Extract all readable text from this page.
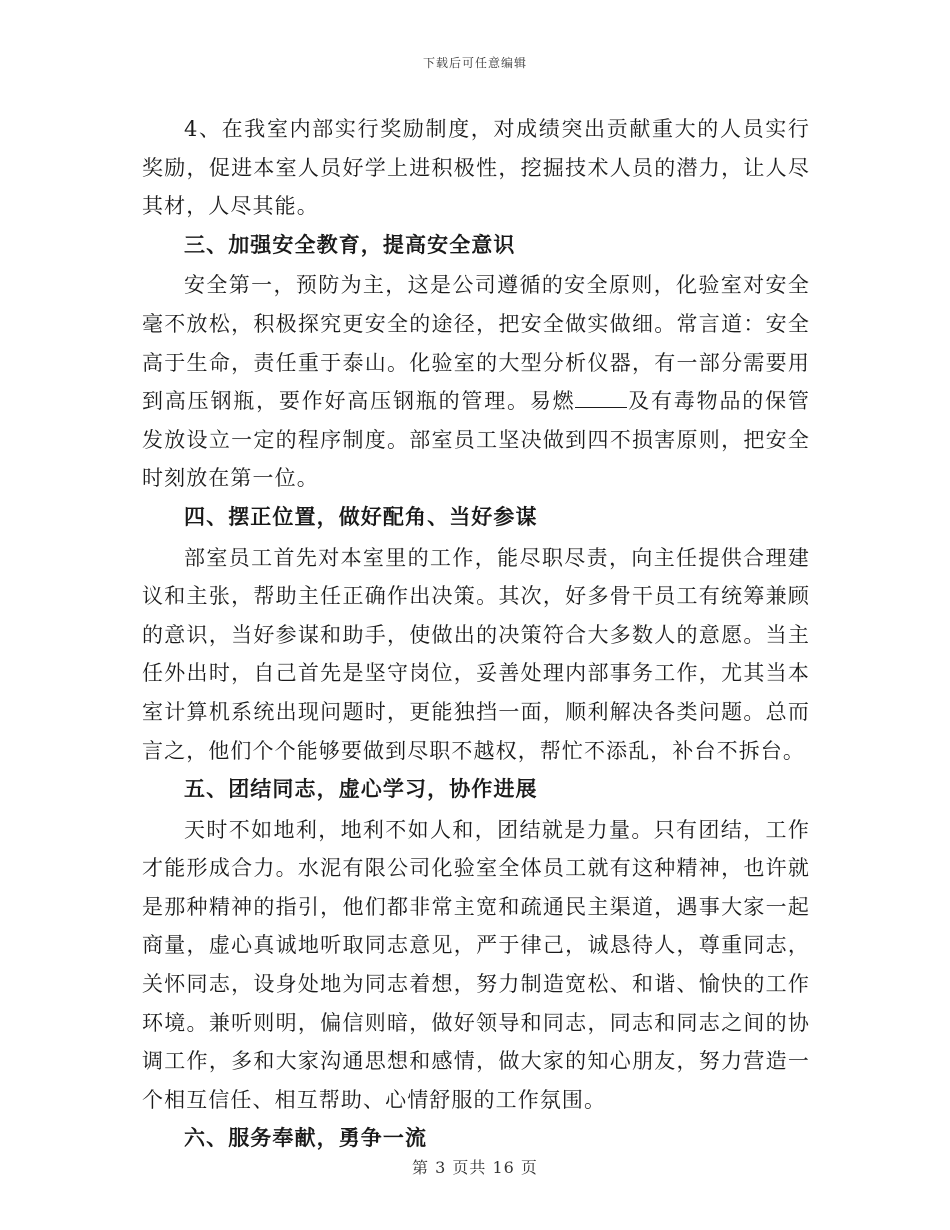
下载后可任意编辑

4、在我室内部实行奖励制度，对成绩突出贡献重大的人员实行奖励，促进本室人员好学上进积极性，挖掘技术人员的潜力，让人尽其材，人尽其能。

三、加强安全教育，提高安全意识

安全第一，预防为主，这是公司遵循的安全原则，化验室对安全毫不放松，积极探究更安全的途径，把安全做实做细。常言道：安全高于生命，责任重于泰山。化验室的大型分析仪器，有一部分需要用到高压钢瓶，要作好高压钢瓶的管理。易燃 及有毒物品的保管发放设立一定的程序制度。部室员工坚决做到四不损害原则，把安全时刻放在第一位。

四、摆正位置，做好配角、当好参谋

部室员工首先对本室里的工作，能尽职尽责，向主任提供合理建议和主张，帮助主任正确作出决策。其次，好多骨干员工有统筹兼顾的意识，当好参谋和助手，使做出的决策符合大多数人的意愿。当主任外出时，自己首先是坚守岗位，妥善处理内部事务工作，尤其当本室计算机系统出现问题时，更能独挡一面，顺利解决各类问题。总而言之，他们个个能够要做到尽职不越权，帮忙不添乱，补台不拆台。

五、团结同志，虚心学习，协作进展

天时不如地利，地利不如人和，团结就是力量。只有团结，工作才能形成合力。水泥有限公司化验室全体员工就有这种精神，也许就是那种精神的指引，他们都非常主宽和疏通民主渠道，遇事大家一起商量，虚心真诚地听取同志意见，严于律己，诚恳待人，尊重同志，关怀同志，设身处地为同志着想，努力制造宽松、和谐、愉快的工作环境。兼听则明，偏信则暗，做好领导和同志，同志和同志之间的协调工作，多和大家沟通思想和感情，做大家的知心朋友，努力营造一个相互信任、相互帮助、心情舒服的工作氛围。

六、服务奉献，勇争一流

第 3 页共 16 页
